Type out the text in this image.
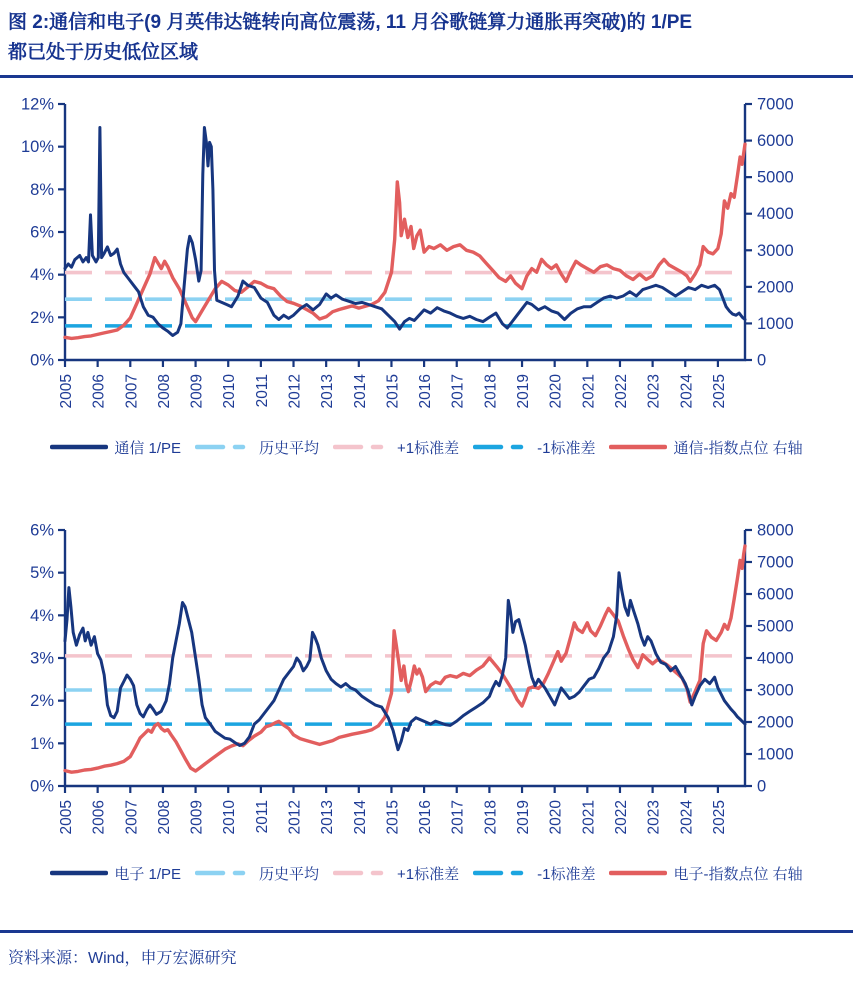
图 2:通信和电子(9 月英伟达链转向高位震荡, 11 月谷歌链算力通胀再突破)的 1/PE
都已处于历史低位区域
0%
2%
4%
6%
8%
10%
12%
0
1000
2000
3000
4000
5000
6000
7000
2005 2006 2007 2008 2009 2010 2011 2012 2013 2014 2015 2016 2017 2018 2019 2020 2021 2022 2023 2024 2025
通信 1/PE	历史平均	+1标准差	-1标准差	通信-指数点位 右轴
0%
1%
2%
3%
4%
5%
6%
0
1000
2000
3000
4000
5000
6000
7000
8000
2005 2006 2007 2008 2009 2010 2011 2012 2013 2014 2015 2016 2017 2018 2019 2020 2021 2022 2023 2024 2025
电子 1/PE	历史平均	+1标准差	-1标准差	电子-指数点位 右轴
资料来源：Wind，申万宏源研究
